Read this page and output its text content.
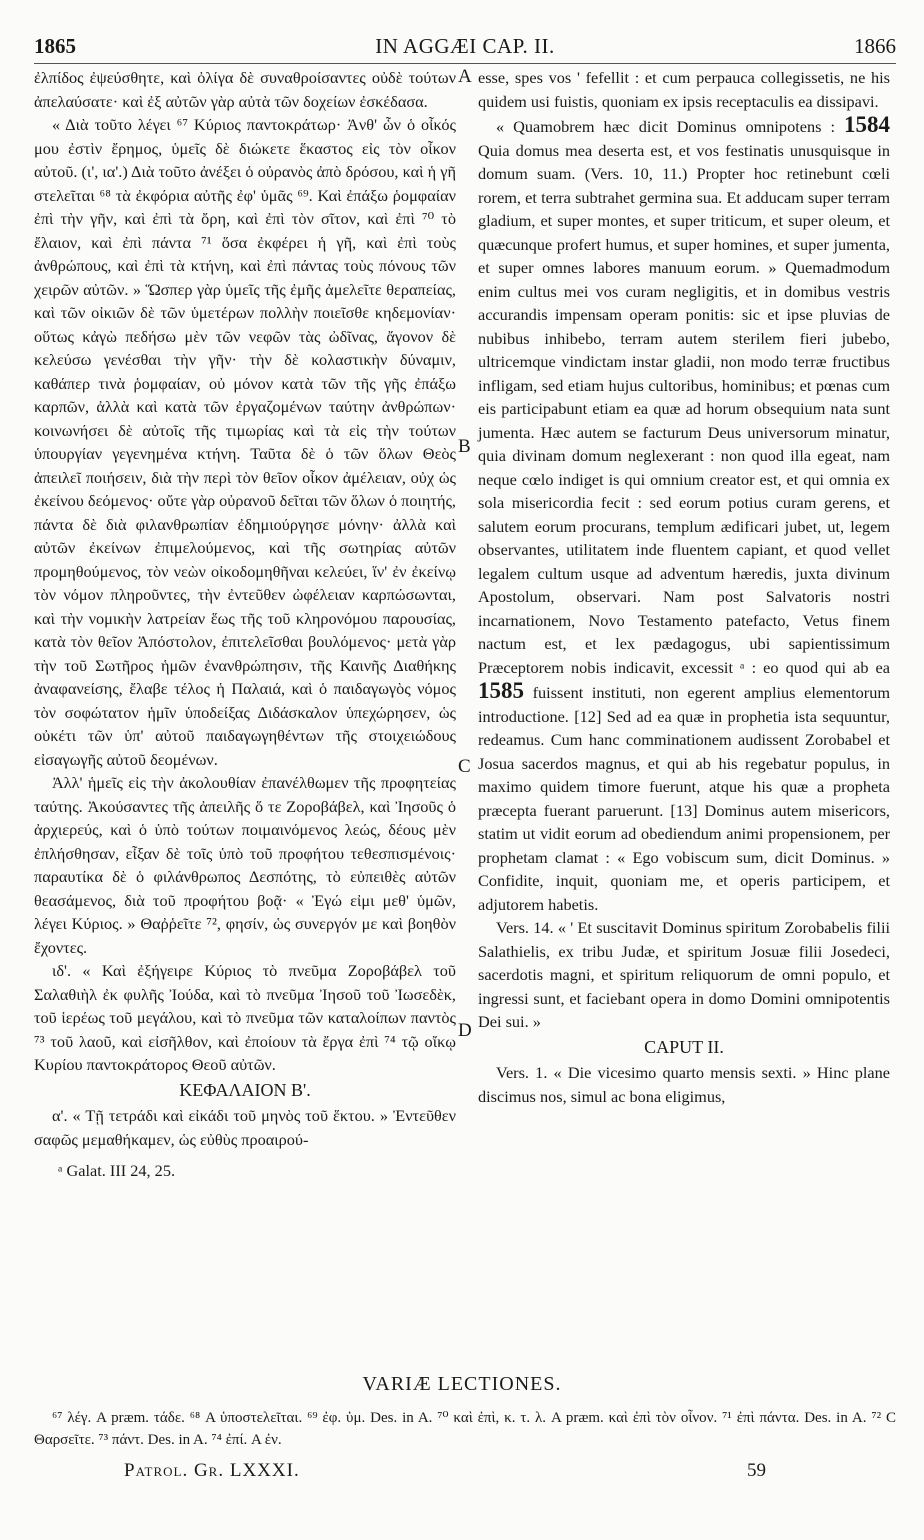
1865	IN AGGÆI CAP. II.	1866

ἐλπίδος ἐψεύσθητε, καὶ ὀλίγα δὲ συναθροίσαντες οὐδὲ τούτων ἀπελαύσατε· καὶ ἐξ αὐτῶν γὰρ αὐτὰ τῶν δοχείων ἐσκέδασα.

« Διὰ τοῦτο λέγει ⁶⁷ Κύριος παντοκράτωρ· Ἀνθ' ὧν ὁ οἶκός μου ἐστὶν ἔρημος, ὑμεῖς δὲ διώκετε ἕκαστος εἰς τὸν οἶκον αὐτοῦ. (ι', ια'.) Διὰ τοῦτο ἀνέξει ὁ οὐρανὸς ἀπὸ δρόσου, καὶ ἡ γῆ στελεῖται ⁶⁸ τὰ ἐκφόρια αὐτῆς ἐφ' ὑμᾶς ⁶⁹. Καὶ ἐπάξω ῥομφαίαν ἐπὶ τὴν γῆν, καὶ ἐπὶ τὰ ὄρη, καὶ ἐπὶ τὸν σῖτον, καὶ ἐπὶ ⁷⁰ τὸ ἔλαιον, καὶ ἐπὶ πάντα ⁷¹ ὅσα ἐκφέρει ἡ γῆ, καὶ ἐπὶ τοὺς ἀνθρώπους, καὶ ἐπὶ τὰ κτήνη, καὶ ἐπὶ πάντας τοὺς πόνους τῶν χειρῶν αὐτῶν. » Ὥσπερ γὰρ ὑμεῖς τῆς ἐμῆς ἀμελεῖτε θεραπείας, καὶ τῶν οἰκιῶν δὲ τῶν ὑμετέρων πολλὴν ποιεῖσθε κηδεμονίαν· οὕτως κἀγὼ πεδήσω μὲν τῶν νεφῶν τὰς ὠδῖνας, ἄγονον δὲ κελεύσω γενέσθαι τὴν γῆν· τὴν δὲ κολαστικὴν δύναμιν, καθάπερ τινὰ ῥομφαίαν, οὐ μόνον κατὰ τῶν τῆς γῆς ἐπάξω καρπῶν, ἀλλὰ καὶ κατὰ τῶν ἐργαζομένων ταύτην ἀνθρώπων· κοινωνήσει δὲ αὐτοῖς τῆς τιμωρίας καὶ τὰ εἰς τὴν τούτων ὑπουργίαν γεγενημένα κτήνη. Ταῦτα δὲ ὁ τῶν ὅλων Θεὸς ἀπειλεῖ ποιήσειν, διὰ τὴν περὶ τὸν θεῖον οἶκον ἀμέλειαν, οὐχ ὡς ἐκείνου δεόμενος· οὔτε γὰρ οὐρανοῦ δεῖται τῶν ὅλων ὁ ποιητής, πάντα δὲ διὰ φιλανθρωπίαν ἐδημιούργησε μόνην· ἀλλὰ καὶ αὐτῶν ἐκείνων ἐπιμελούμενος, καὶ τῆς σωτηρίας αὐτῶν προμηθούμενος, τὸν νεὼν οἰκοδομηθῆναι κελεύει, ἵν' ἐν ἐκείνῳ τὸν νόμον πληροῦντες, τὴν ἐντεῦθεν ὠφέλειαν καρπώσωνται, καὶ τὴν νομικὴν λατρείαν ἕως τῆς τοῦ κληρονόμου παρουσίας, κατὰ τὸν θεῖον Ἀπόστολον, ἐπιτελεῖσθαι βουλόμενος· μετὰ γὰρ τὴν τοῦ Σωτῆρος ἡμῶν ἐνανθρώπησιν, τῆς Καινῆς Διαθήκης ἀναφανείσης, ἔλαβε τέλος ἡ Παλαιά, καὶ ὁ παιδαγωγὸς νόμος τὸν σοφώτατον ἡμῖν ὑποδείξας Διδάσκαλον ὑπεχώρησεν, ὡς οὐκέτι τῶν ὑπ' αὐτοῦ παιδαγωγηθέντων τῆς στοιχειώδους εἰσαγωγῆς αὐτοῦ δεομένων.

Ἀλλ' ἡμεῖς εἰς τὴν ἀκολουθίαν ἐπανέλθωμεν τῆς προφητείας ταύτης. Ἀκούσαντες τῆς ἀπειλῆς ὅ τε Ζοροβάβελ, καὶ Ἰησοῦς ὁ ἀρχιερεύς, καὶ ὁ ὑπὸ τούτων ποιμαινόμενος λεώς, δέους μὲν ἐπλήσθησαν, εἶξαν δὲ τοῖς ὑπὸ τοῦ προφήτου τεθεσπισμένοις· παραυτίκα δὲ ὁ φιλάνθρωπος Δεσπότης, τὸ εὐπειθὲς αὐτῶν θεασάμενος, διὰ τοῦ προφήτου βοᾷ· « Ἐγώ εἰμι μεθ' ὑμῶν, λέγει Κύριος. » Θαῤῥεῖτε ⁷², φησίν, ὡς συνεργόν με καὶ βοηθὸν ἔχοντες.

ιδ'. « Καὶ ἐξήγειρε Κύριος τὸ πνεῦμα Ζοροβάβελ τοῦ Σαλαθιὴλ ἐκ φυλῆς Ἰούδα, καὶ τὸ πνεῦμα Ἰησοῦ τοῦ Ἰωσεδὲκ, τοῦ ἱερέως τοῦ μεγάλου, καὶ τὸ πνεῦμα τῶν καταλοίπων παντὸς ⁷³ τοῦ λαοῦ, καὶ εἰσῆλθον, καὶ ἐποίουν τὰ ἔργα ἐπὶ ⁷⁴ τῷ οἴκῳ Κυρίου παντοκράτορος Θεοῦ αὐτῶν.

ΚΕΦΑΛΑΙΟΝ Β'.

α'. « Τῇ τετράδι καὶ εἰκάδι τοῦ μηνὸς τοῦ ἕκτου. » Ἐντεῦθεν σαφῶς μεμαθήκαμεν, ὡς εὐθὺς προαιρού-

ᵃ Galat. III 24, 25.

A
B
C
D

esse, spes vos ' fefellit : et cum perpauca collegissetis, ne his quidem usi fuistis, quoniam ex ipsis receptaculis ea dissipavi.

« Quamobrem hæc dicit Dominus omnipotens : 1584 Quia domus mea deserta est, et vos festinatis unusquisque in domum suam. (Vers. 10, 11.) Propter hoc retinebunt cœli rorem, et terra subtrahet germina sua. Et adducam super terram gladium, et super montes, et super triticum, et super oleum, et quæcunque profert humus, et super homines, et super jumenta, et super omnes labores manuum eorum. » Quemadmodum enim cultus mei vos curam negligitis, et in domibus vestris accurandis impensam operam ponitis: sic et ipse pluvias de nubibus inhibebo, terram autem sterilem fieri jubebo, ultricemque vindictam instar gladii, non modo terræ fructibus infligam, sed etiam hujus cultoribus, hominibus; et pœnas cum eis participabunt etiam ea quæ ad horum obsequium nata sunt jumenta. Hæc autem se facturum Deus universorum minatur, quia divinam domum neglexerant : non quod illa egeat, nam neque cœlo indiget is qui omnium creator est, et qui omnia ex sola misericordia fecit : sed eorum potius curam gerens, et salutem eorum procurans, templum ædificari jubet, ut, legem observantes, utilitatem inde fluentem capiant, et quod vellet legalem cultum usque ad adventum hæredis, juxta divinum Apostolum, observari. Nam post Salvatoris nostri incarnationem, Novo Testamento patefacto, Vetus finem nactum est, et lex pædagogus, ubi sapientissimum Præceptorem nobis indicavit, excessit ᵃ : eo quod qui ab ea 1585 fuissent instituti, non egerent amplius elementorum introductione. [12] Sed ad ea quæ in prophetia ista sequuntur, redeamus. Cum hanc comminationem audissent Zorobabel et Josua sacerdos magnus, et qui ab his regebatur populus, in maximo quidem timore fuerunt, atque his quæ a propheta præcepta fuerant paruerunt. [13] Dominus autem misericors, statim ut vidit eorum ad obediendum animi propensionem, per prophetam clamat : « Ego vobiscum sum, dicit Dominus. » Confidite, inquit, quoniam me, et operis participem, et adjutorem habetis.

Vers. 14. « ' Et suscitavit Dominus spiritum Zorobabelis filii Salathielis, ex tribu Judæ, et spiritum Josuæ filii Josedeci, sacerdotis magni, et spiritum reliquorum de omni populo, et ingressi sunt, et faciebant opera in domo Domini omnipotentis Dei sui. »

CAPUT II.

Vers. 1. « Die vicesimo quarto mensis sexti. » Hinc plane discimus nos, simul ac bona eligimus,

VARIÆ LECTIONES.
⁶⁷ λέγ. A præm. τάδε. ⁶⁸ A ὑποστελεῖται. ⁶⁹ ἐφ. ὑμ. Des. in A. ⁷⁰ καὶ ἐπὶ, κ. τ. λ. A præm. καὶ ἐπὶ τὸν οἶνον. ⁷¹ ἐπὶ πάντα. Des. in A. ⁷² C Θαρσεῖτε. ⁷³ πάντ. Des. in A. ⁷⁴ ἐπί. A ἐν.
Patrol. Gr. LXXXI.	59
